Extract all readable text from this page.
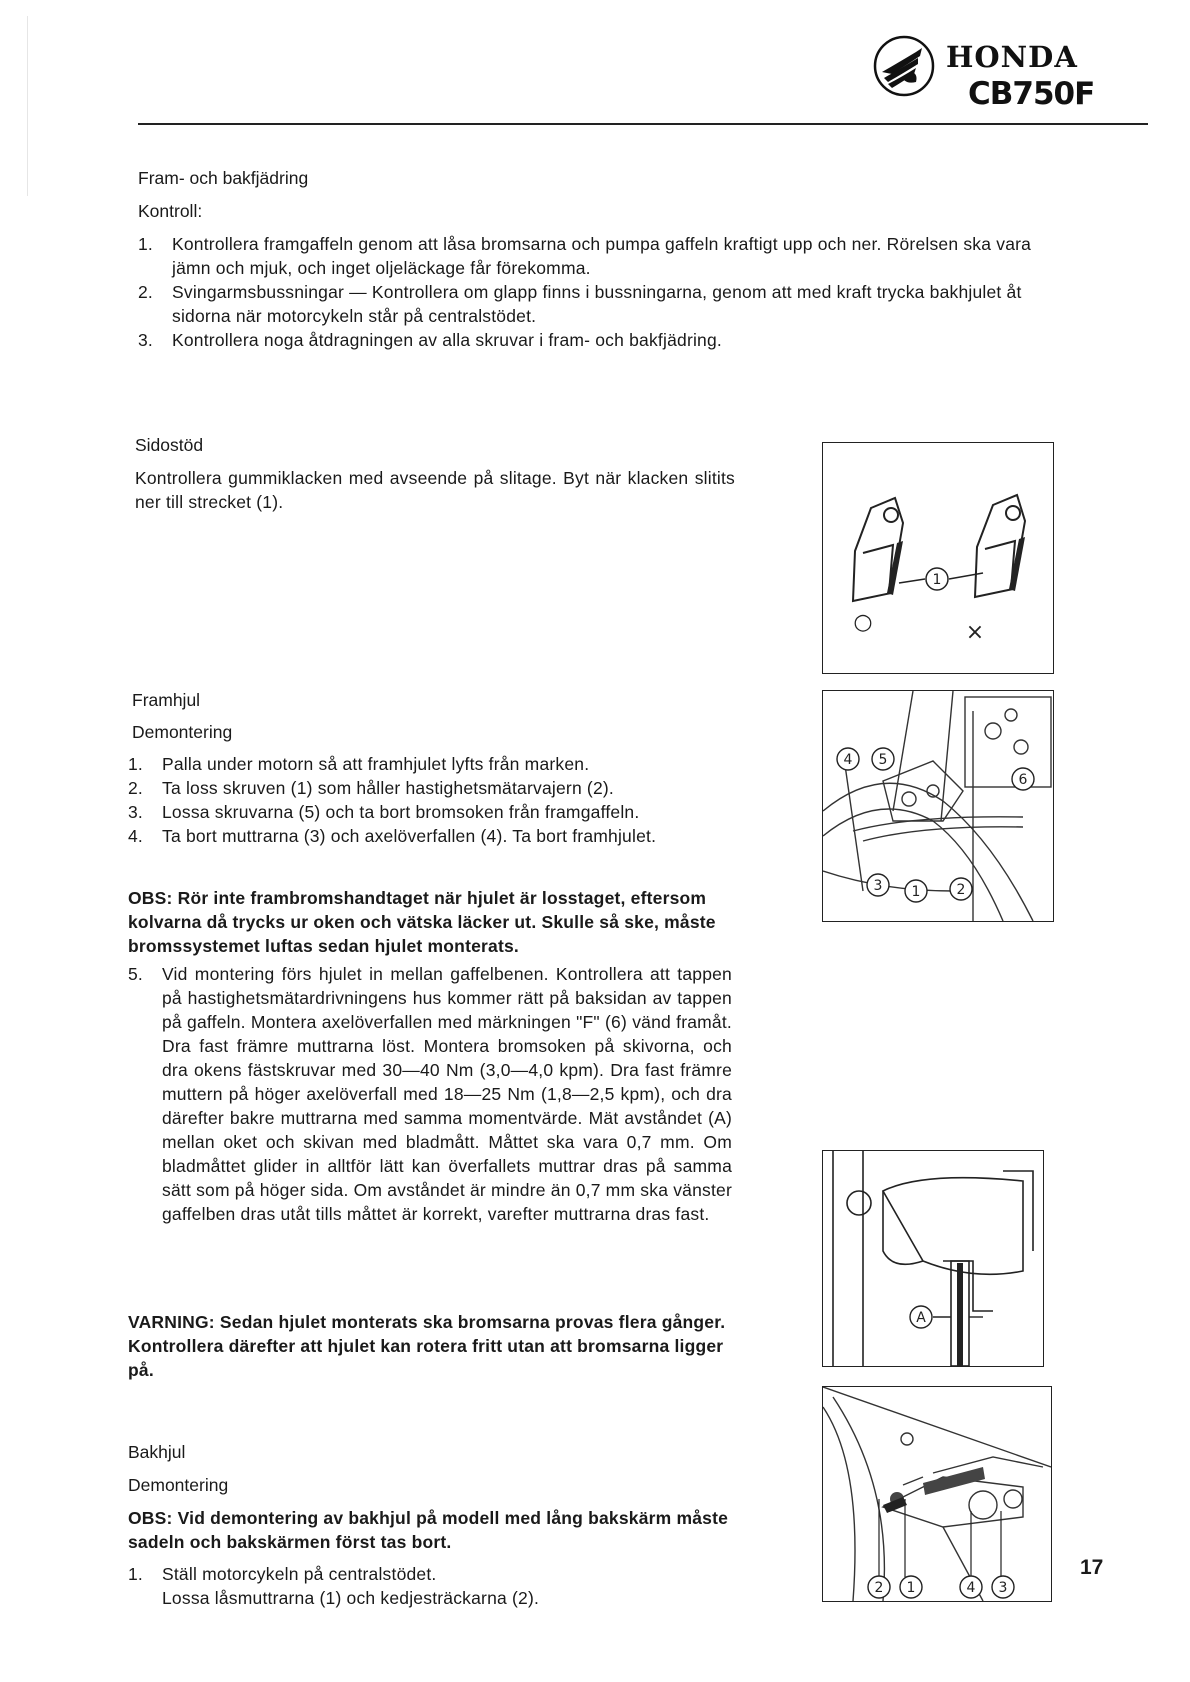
HONDA
CB750F
Fram- och bakfjädring
Kontroll:
1. Kontrollera framgaffeln genom att låsa bromsarna och pumpa gaffeln kraftigt upp och ner. Rörelsen ska vara jämn och mjuk, och inget oljeläckage får förekomma.
2. Svingarmsbussningar — Kontrollera om glapp finns i bussningarna, genom att med kraft trycka bakhjulet åt sidorna när motorcykeln står på centralstödet.
3. Kontrollera noga åtdragningen av alla skruvar i fram- och bakfjädring.
Sidostöd
Kontrollera gummiklacken med avseende på slitage. Byt när klacken slitits ner till strecket (1).
1
○	×
Framhjul
Demontering
1. Palla under motorn så att framhjulet lyfts från marken.
2. Ta loss skruven (1) som håller hastighetsmätarvajern (2).
3. Lossa skruvarna (5) och ta bort bromsoken från framgaffeln.
4. Ta bort muttrarna (3) och axelöverfallen (4). Ta bort framhjulet.
OBS: Rör inte frambromshandtaget när hjulet är losstaget, eftersom kolvarna då trycks ur oken och vätska läcker ut. Skulle så ske, måste bromssystemet luftas sedan hjulet monterats.
5. Vid montering förs hjulet in mellan gaffelbenen. Kontrollera att tappen på hastighetsmätardrivningens hus kommer rätt på baksidan av tappen på gaffeln. Montera axelöverfallen med märkningen "F" (6) vänd framåt. Dra fast främre muttrarna löst. Montera bromsoken på skivorna, och dra okens fästskruvar med 30—40 Nm (3,0—4,0 kpm). Dra fast främre muttern på höger axelöverfall med 18—25 Nm (1,8—2,5 kpm), och dra därefter bakre muttrarna med samma momentvärde. Mät avståndet (A) mellan oket och skivan med bladmått. Måttet ska vara 0,7 mm. Om bladmåttet glider in alltför lätt kan överfallets muttrar dras på samma sätt som på höger sida. Om avståndet är mindre än 0,7 mm ska vänster gaffelben dras utåt tills måttet är korrekt, varefter muttrarna dras fast.
VARNING: Sedan hjulet monterats ska bromsarna provas flera gånger. Kontrollera därefter att hjulet kan rotera fritt utan att bromsarna ligger på.
4 5
6
3 1	2
A
Bakhjul
Demontering
OBS: Vid demontering av bakhjul på modell med lång bakskärm måste sadeln och bakskärmen först tas bort.
1. Ställ motorcykeln på centralstödet.
Lossa låsmuttrarna (1) och kedjesträckarna (2).	2 1	4 3
17
